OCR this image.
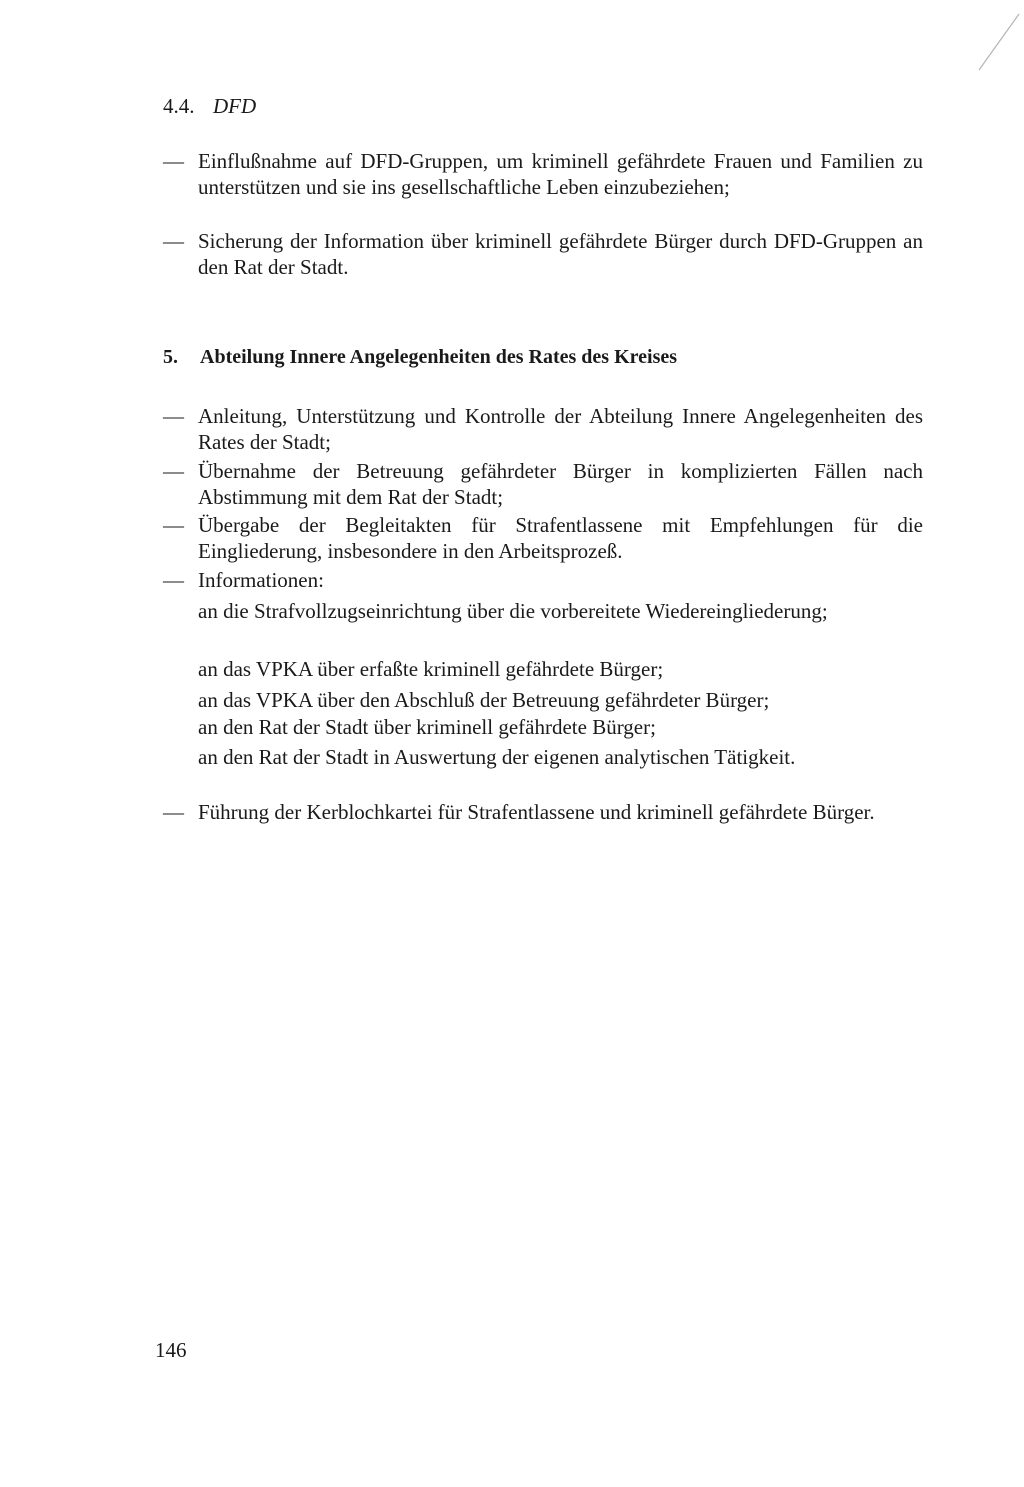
4.4. DFD
— Einflußnahme auf DFD-Gruppen, um kriminell gefährdete Frauen und Familien zu unterstützen und sie ins gesellschaftliche Leben einzubeziehen;
— Sicherung der Information über kriminell gefährdete Bürger durch DFD-Gruppen an den Rat der Stadt.
5. Abteilung Innere Angelegenheiten des Rates des Kreises
— Anleitung, Unterstützung und Kontrolle der Abteilung Innere Angelegenheiten des Rates der Stadt;
— Übernahme der Betreuung gefährdeter Bürger in komplizierten Fällen nach Abstimmung mit dem Rat der Stadt;
— Übergabe der Begleitakten für Strafentlassene mit Empfehlungen für die Eingliederung, insbesondere in den Arbeitsprozeß.
— Informationen:
an die Strafvollzugseinrichtung über die vorbereitete Wiedereingliederung;
an das VPKA über erfaßte kriminell gefährdete Bürger;
an das VPKA über den Abschluß der Betreuung gefährdeter Bürger;
an den Rat der Stadt über kriminell gefährdete Bürger;
an den Rat der Stadt in Auswertung der eigenen analytischen Tätigkeit.
— Führung der Kerblochkartei für Strafentlassene und kriminell gefährdete Bürger.
146
